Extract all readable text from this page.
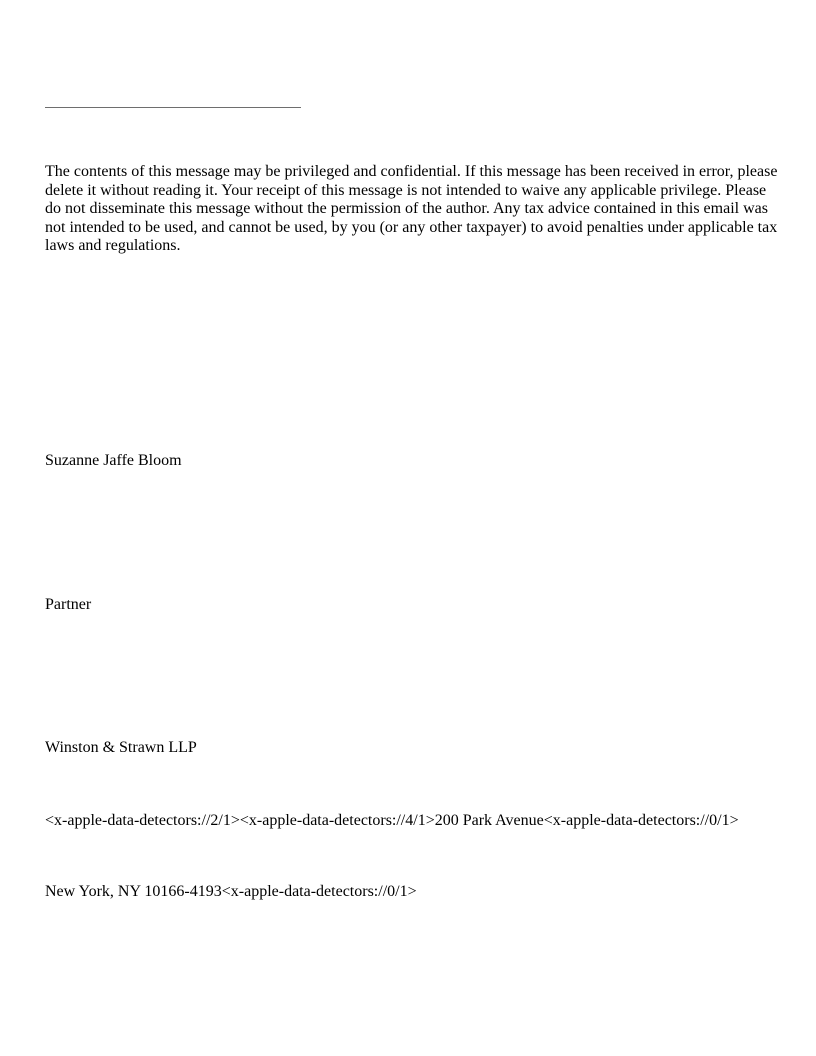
The contents of this message may be privileged and confidential. If this message has been received in error, please delete it without reading it. Your receipt of this message is not intended to waive any applicable privilege. Please do not disseminate this message without the permission of the author. Any tax advice contained in this email was not intended to be used, and cannot be used, by you (or any other taxpayer) to avoid penalties under applicable tax laws and regulations.

Suzanne Jaffe Bloom

Partner

Winston & Strawn LLP

<x-apple-data-detectors://2/1><x-apple-data-detectors://4/1>200 Park Avenue<x-apple-data-detectors://0/1>

New York, NY 10166-4193<x-apple-data-detectors://0/1>
